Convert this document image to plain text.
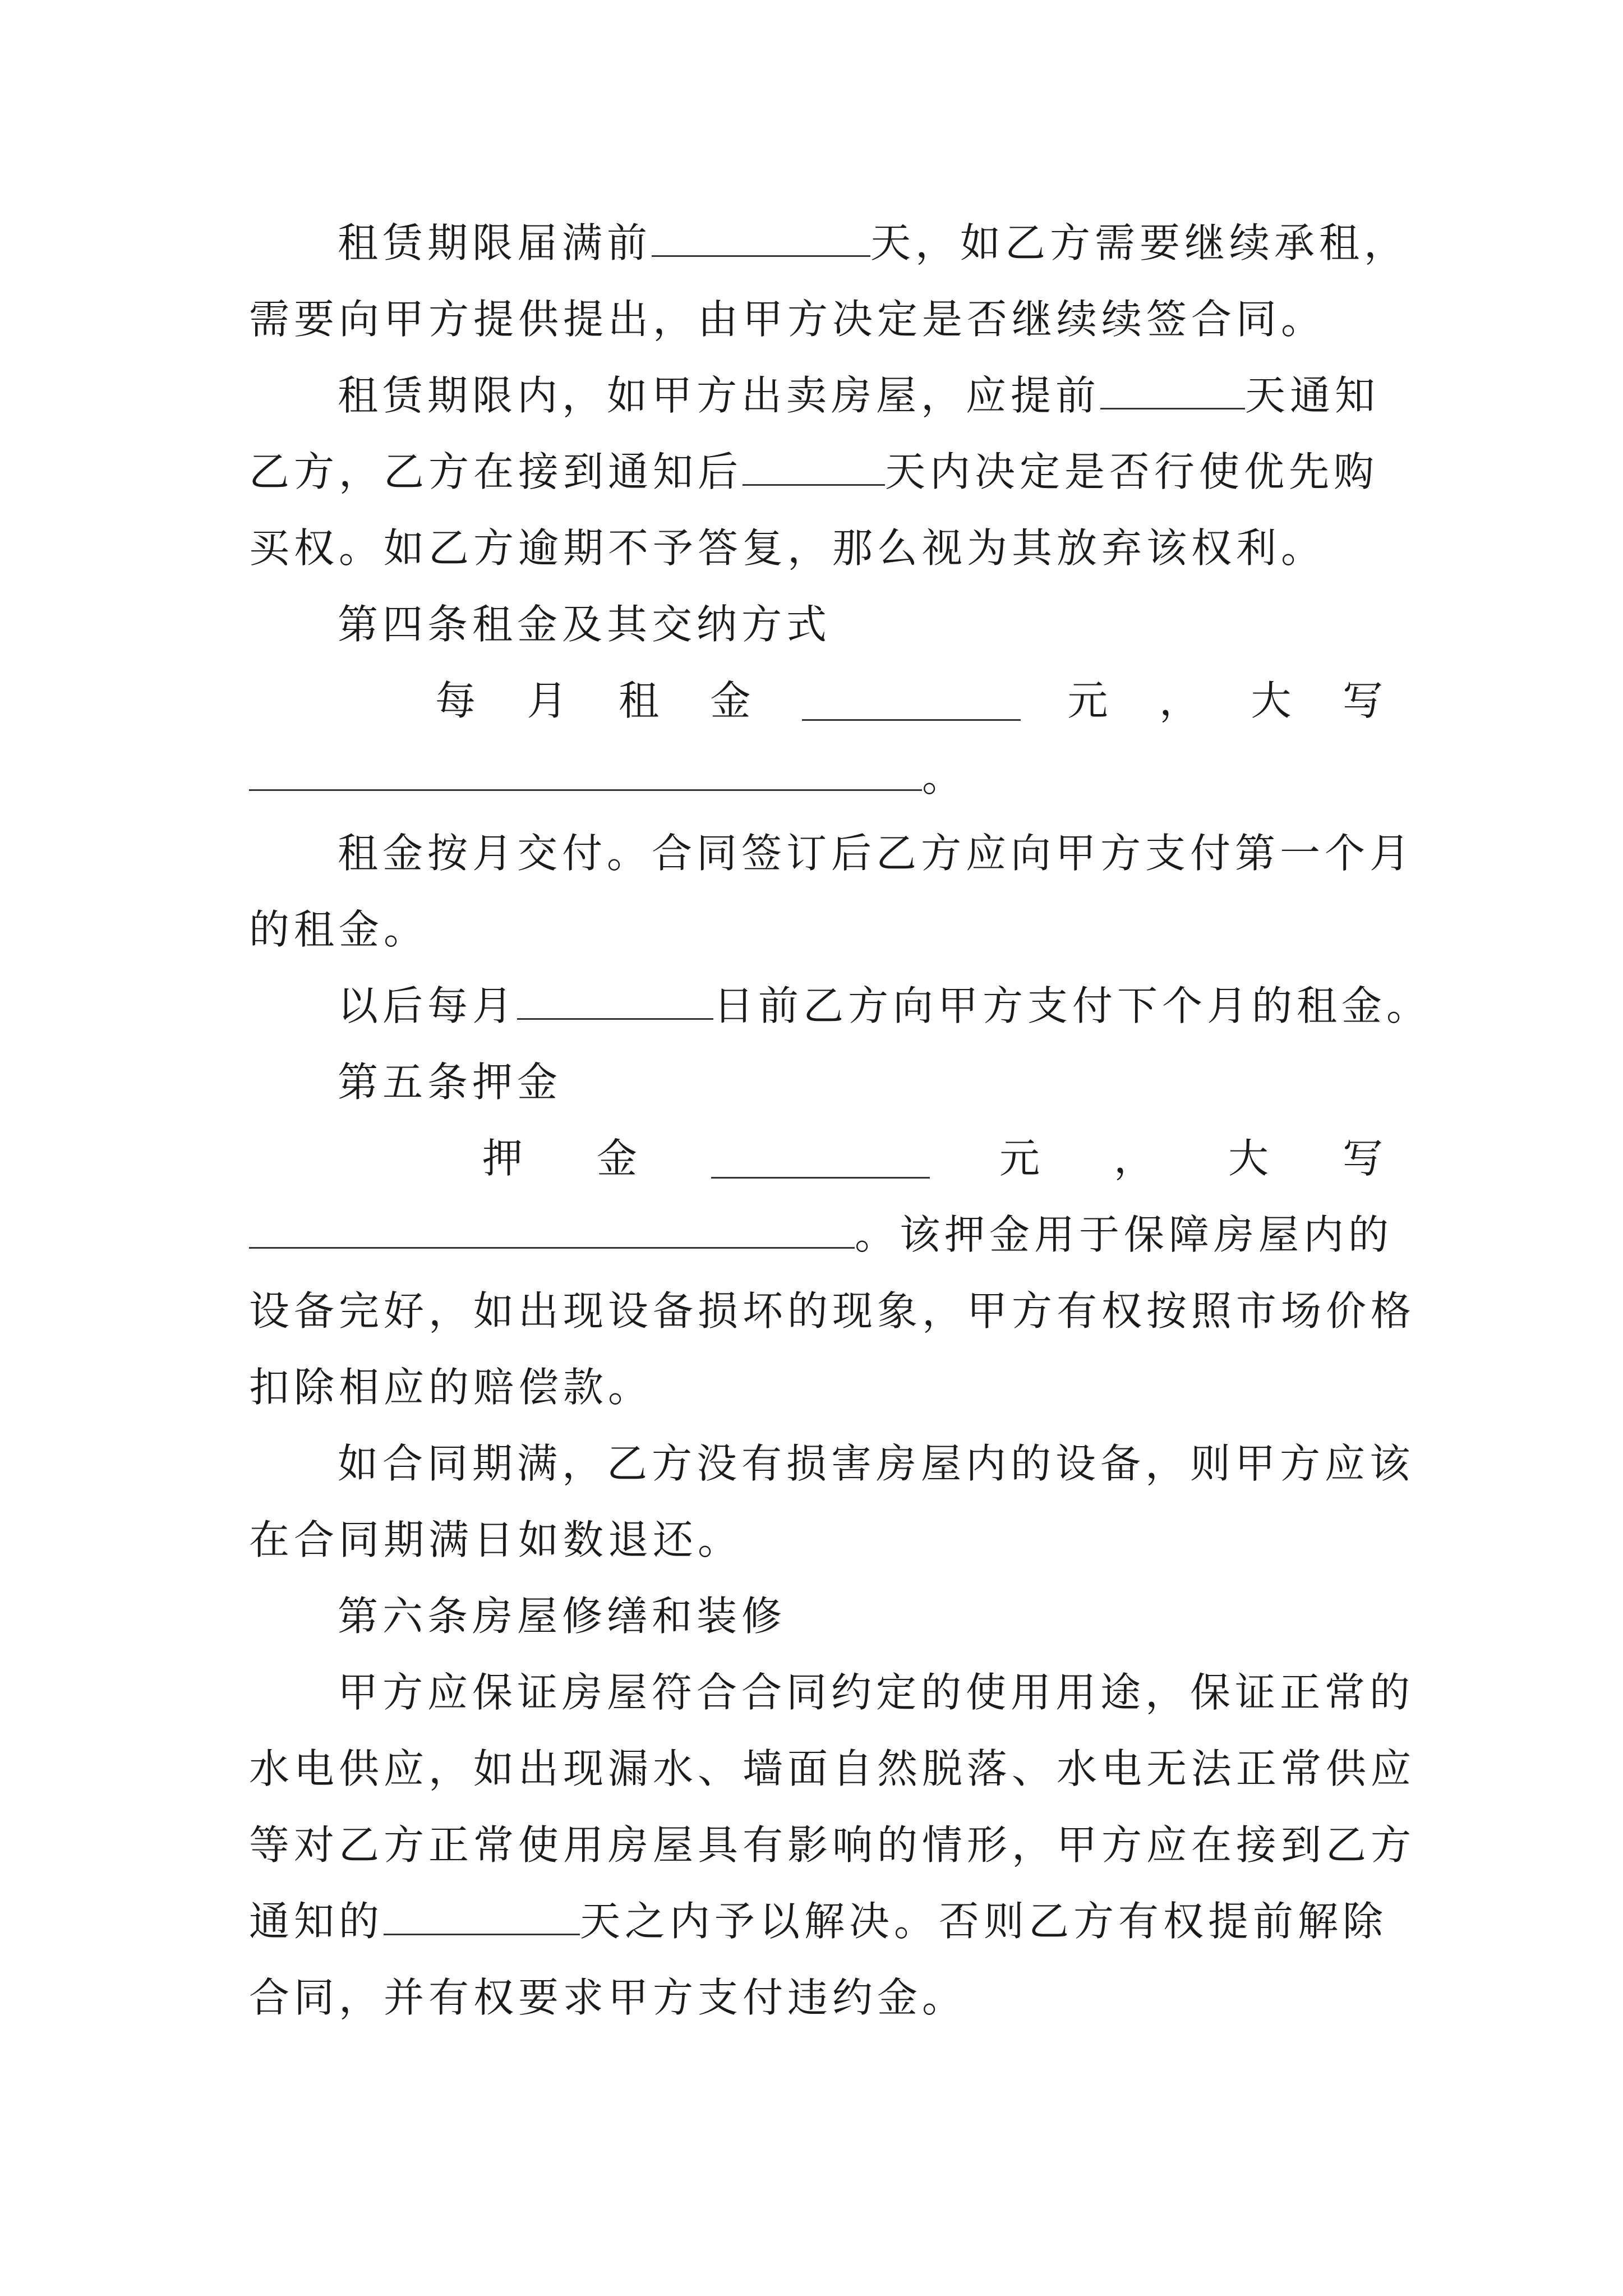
租赁期限届满前	天，如乙方需要继续承租，
需要向甲方提供提出，由甲方决定是否继续续签合同。
租赁期限内，如甲方出卖房屋，应提前	天通知
乙方，乙方在接到通知后	天内决定是否行使优先购
买权。如乙方逾期不予答复，那么视为其放弃该权利。
第四条租金及其交纳方式
每 月 租 金	元 ， 大 写
。
租金按月交付。合同签订后乙方应向甲方支付第一个月
的租金。
以后每月	日前乙方向甲方支付下个月的租金。
第五条押金
押 金	元 ， 大 写
。该押金用于保障房屋内的
设备完好，如出现设备损坏的现象，甲方有权按照市场价格
扣除相应的赔偿款。
如合同期满，乙方没有损害房屋内的设备，则甲方应该
在合同期满日如数退还。
第六条房屋修缮和装修
甲方应保证房屋符合合同约定的使用用途，保证正常的
水电供应，如出现漏水、墙面自然脱落、水电无法正常供应
等对乙方正常使用房屋具有影响的情形，甲方应在接到乙方
通知的	天之内予以解决。否则乙方有权提前解除
合同，并有权要求甲方支付违约金。
